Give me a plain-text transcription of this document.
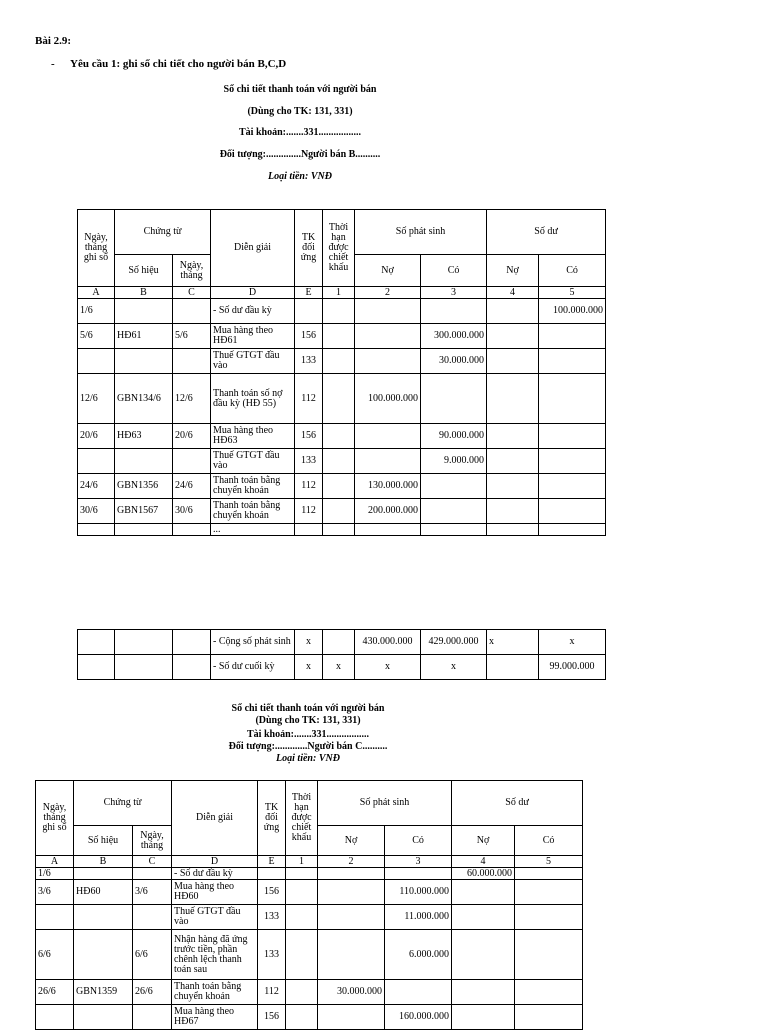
Bài 2.9:
- Yêu cầu 1: ghi sổ chi tiết cho người bán B,C,D
Sổ chi tiết thanh toán với người bán
(Dùng cho TK: 131, 331)
Tài khoản:.......331.................
Đối tượng:..............Người bán B..........
Loại tiền: VNĐ
Ngày, tháng ghi sổ	Chứng từ		Diễn giải	TK đối ứng	Thời hạn được chiết khấu	Số phát sinh		Số dư	
	Số hiệu	Ngày, tháng				Nợ	Có	Nợ	Có
A	B	C	D	E	1	2	3	4	5
1/6			- Số dư đầu kỳ						100.000.000
5/6	HĐ61	5/6	Mua hàng theo HĐ61	156			300.000.000		
			Thuế GTGT đầu vào	133			30.000.000		
12/6	GBN134/6	12/6	Thanh toán số nợ đầu kỳ (HĐ 55)	112		100.000.000			
20/6	HĐ63	20/6	Mua hàng theo HĐ63	156			90.000.000		
			Thuế GTGT đầu vào	133			9.000.000		
24/6	GBN1356	24/6	Thanh toán bằng chuyển khoản	112		130.000.000			
30/6	GBN1567	30/6	Thanh toán bằng chuyển khoản	112		200.000.000			
			...						
			- Cộng số phát sinh	x		430.000.000	429.000.000	x	x
			- Số dư cuối kỳ	x	x	x	x		99.000.000
Sổ chi tiết thanh toán với người bán
(Dùng cho TK: 131, 331)
Tài khoản:.......331.................
Đối tượng:.............Người bán C..........
Loại tiền: VNĐ
Ngày, tháng ghi sổ	Chứng từ		Diễn giải	TK đối ứng	Thời hạn được chiết khấu	Số phát sinh		Số dư	
	Số hiệu	Ngày, tháng				Nợ	Có	Nợ	Có
A	B	C	D	E	1	2	3	4	5
1/6			- Số dư đầu kỳ					60.000.000	
3/6	HĐ60	3/6	Mua hàng theo HĐ60	156			110.000.000		
			Thuế GTGT đầu vào	133			11.000.000		
6/6		6/6	Nhận hàng đã ứng trước tiền, phần chênh lệch thanh toán sau	133			6.000.000		
26/6	GBN1359	26/6	Thanh toán bằng chuyển khoản	112		30.000.000			
			Mua hàng theo HĐ67	156			160.000.000		
